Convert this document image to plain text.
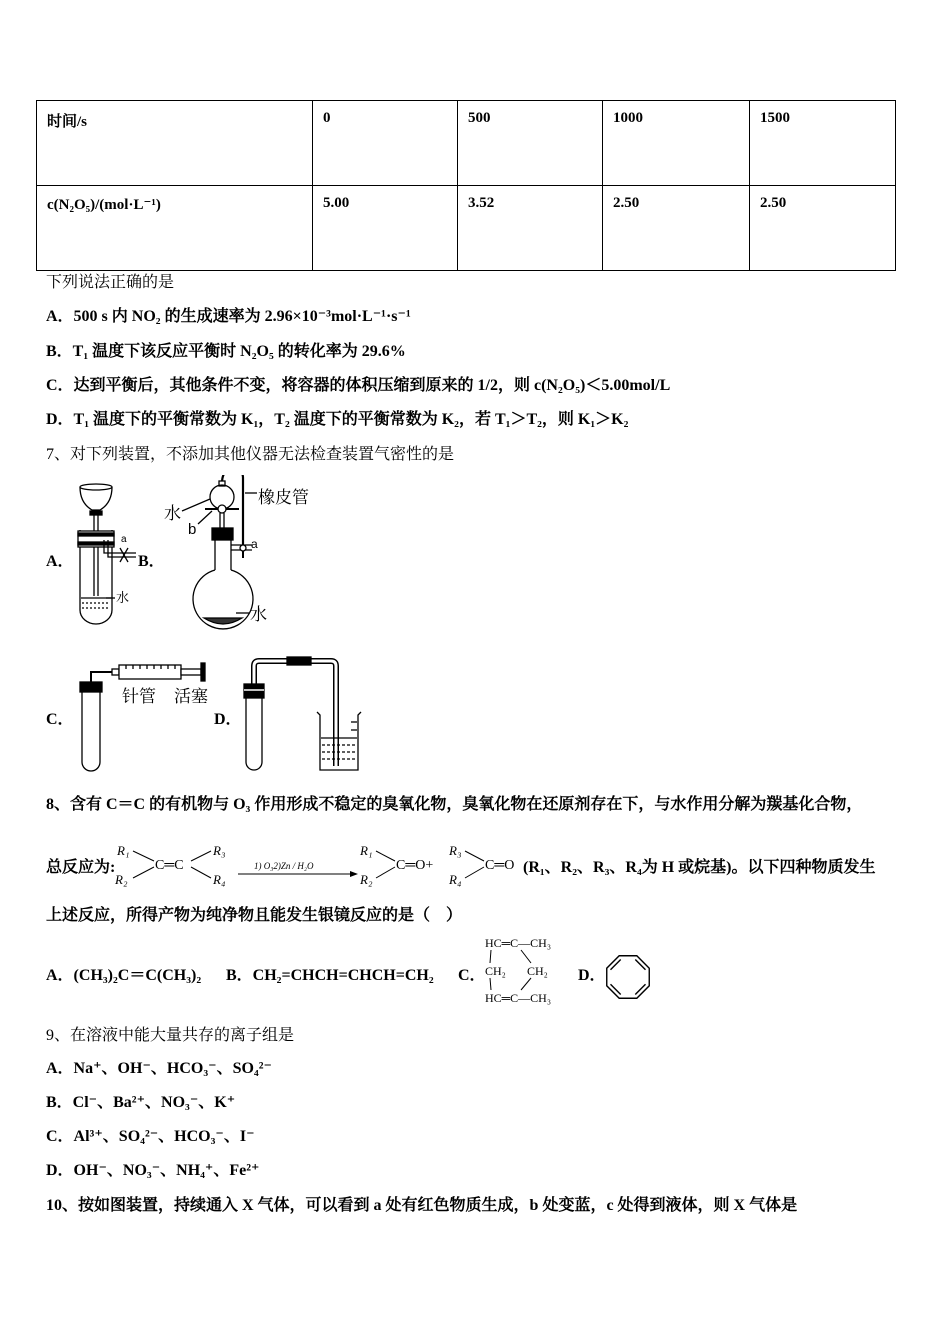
时间/s	0	500	1000	1500
c(N₂O₅)/(mol·L⁻¹)	5.00	3.52	2.50	2.50
下列说法正确的是
A．500 s 内 NO₂ 的生成速率为 2.96×10⁻³mol·L⁻¹·s⁻¹
B．T₁ 温度下该反应平衡时 N₂O₅ 的转化率为 29.6%
C．达到平衡后，其他条件不变，将容器的体积压缩到原来的 1/2，则 c(N₂O₅)＜5.00mol/L
D．T₁ 温度下的平衡常数为 K₁，T₂ 温度下的平衡常数为 K₂，若 T₁＞T₂，则 K₁＞K₂
7、对下列装置，不添加其他仪器无法检查装置气密性的是
A．	B．
C．	D．
a
水
水
b
橡皮管
a
水
针管 活塞
8、含有 C＝C 的有机物与 O₃ 作用形成不稳定的臭氧化物，臭氧化物在还原剂存在下，与水作用分解为羰基化合物，
总反应为:
R₁
R₂
C═C
R₃
R₄
1) O₃2)Zn / H₂O
R₁
R₂
C═O+
R₃
R₄
C═O (R₁、R₂、R₃、R₄为 H 或烷基)。以下四种物质发生
上述反应，所得产物为纯净物且能发生银镜反应的是（　）
A．(CH₃)₂C＝C(CH₃)₂ B．CH₂=CHCH=CHCH=CH₂ C．
HC═C—CH₃
CH₂ CH₂
HC═C—CH₃
D．
9、在溶液中能大量共存的离子组是
A．Na⁺、OH⁻、HCO₃⁻、SO₄²⁻
B．Cl⁻、Ba²⁺、NO₃⁻、K⁺
C．Al³⁺、SO₄²⁻、HCO₃⁻、I⁻
D．OH⁻、NO₃⁻、NH₄⁺、Fe²⁺
10、按如图装置，持续通入 X 气体，可以看到 a 处有红色物质生成，b 处变蓝，c 处得到液体，则 X 气体是
